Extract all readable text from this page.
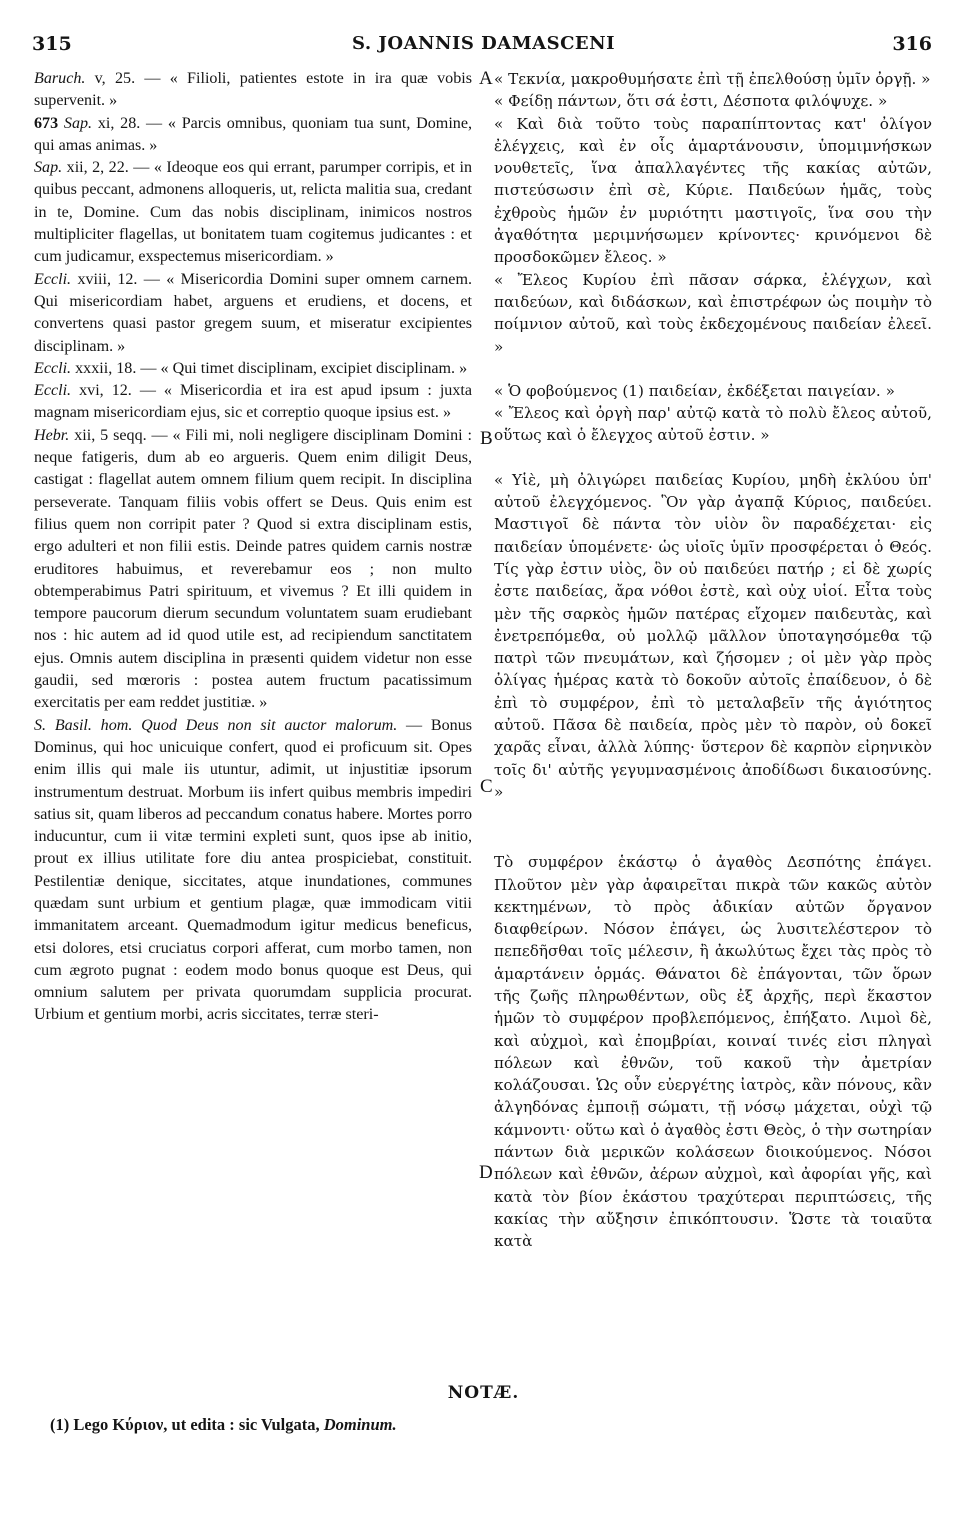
315	S. JOANNIS DAMASCENI	316

Baruch. v, 25. — « Filioli, patientes estote in ira quæ vobis supervenit. »

673 Sap. xi, 28. — « Parcis omnibus, quoniam tua sunt, Domine, qui amas animas. »

Sap. xii, 2, 22. — « Ideoque eos qui errant, parumper corripis, et in quibus peccant, admonens alloqueris, ut, relicta malitia sua, credant in te, Domine. Cum das nobis disciplinam, inimicos nostros multipliciter flagellas, ut bonitatem tuam cogitemus judicantes : et cum judicamur, exspectemus misericordiam. »

Eccli. xviii, 12. — « Misericordia Domini super omnem carnem. Qui misericordiam habet, arguens et erudiens, et docens, et convertens quasi pastor gregem suum, et miseratur excipientes disciplinam. »

Eccli. xxxii, 18. — « Qui timet disciplinam, excipiet disciplinam. »

Eccli. xvi, 12. — « Misericordia et ira est apud ipsum : juxta magnam misericordiam ejus, sic et correptio quoque ipsius est. »

Hebr. xii, 5 seqq. — « Fili mi, noli negligere disciplinam Domini : neque fatigeris, dum ab eo argueris. Quem enim diligit Deus, castigat : flagellat autem omnem filium quem recipit. In disciplina perseverate. Tanquam filiis vobis offert se Deus. Quis enim est filius quem non corripit pater ? Quod si extra disciplinam estis, ergo adulteri et non filii estis. Deinde patres quidem carnis nostræ eruditores habuimus, et reverebamur eos ; non multo obtemperabimus Patri spirituum, et vivemus ? Et illi quidem in tempore paucorum dierum secundum voluntatem suam erudiebant nos : hic autem ad id quod utile est, ad recipiendum sanctitatem ejus. Omnis autem disciplina in præsenti quidem videtur non esse gaudii, sed mœroris : postea autem fructum pacatissimum exercitatis per eam reddet justitiæ. »

S. Basil. hom. Quod Deus non sit auctor malorum. — Bonus Dominus, qui hoc unicuique confert, quod ei proficuum sit. Opes enim illis qui male iis utuntur, adimit, ut injustitiæ ipsorum instrumentum destruat. Morbum iis infert quibus membris impediri satius sit, quam liberos ad peccandum conatus habere. Mortes porro inducuntur, cum ii vitæ termini expleti sunt, quos ipse ab initio, prout ex illius utilitate fore diu antea prospiciebat, constituit. Pestilentiæ denique, siccitates, atque inundationes, communes quædam sunt urbium et gentium plagæ, quæ immodicam vitii immanitatem arceant. Quemadmodum igitur medicus beneficus, etsi dolores, etsi cruciatus corpori afferat, cum morbo tamen, non cum ægroto pugnat : eodem modo bonus quoque est Deus, qui omnium salutem per privata quorumdam supplicia procurat. Urbium et gentium morbi, acris siccitates, terræ steri-

« Τεκνία, μακροθυμήσατε ἐπὶ τῇ ἐπελθούσῃ ὑμῖν ὀργῇ. »

« Φείδῃ πάντων, ὅτι σά ἐστι, Δέσποτα φιλόψυχε. »

« Καὶ διὰ τοῦτο τοὺς παραπίπτοντας κατ' ὀλίγον ἐλέγχεις, καὶ ἐν οἷς ἁμαρτάνουσιν, ὑπομιμνήσκων νουθετεῖς, ἵνα ἀπαλλαγέντες τῆς κακίας αὐτῶν, πιστεύσωσιν ἐπὶ σὲ, Κύριε. Παιδεύων ἡμᾶς, τοὺς ἐχθροὺς ἡμῶν ἐν μυριότητι μαστιγοῖς, ἵνα σου τὴν ἀγαθότητα μεριμνήσωμεν κρίνοντες· κρινόμενοι δὲ προσδοκῶμεν ἔλεος. »

« Ἔλεος Κυρίου ἐπὶ πᾶσαν σάρκα, ἐλέγχων, καὶ παιδεύων, καὶ διδάσκων, καὶ ἐπιστρέφων ὡς ποιμὴν τὸ ποίμνιον αὐτοῦ, καὶ τοὺς ἐκδεχομένους παιδείαν ἐλεεῖ. »

« Ὁ φοβούμενος (1) παιδείαν, ἐκδέξεται παιγείαν. »

« Ἔλεος καὶ ὀργὴ παρ' αὐτῷ κατὰ τὸ πολὺ ἔλεος αὐτοῦ, οὕτως καὶ ὁ ἔλεγχος αὐτοῦ ἐστιν. »

« Υἱὲ, μὴ ὀλιγώρει παιδείας Κυρίου, μηδὴ ἐκλύου ὑπ' αὐτοῦ ἐλεγχόμενος. Ὃν γὰρ ἀγαπᾷ Κύριος, παιδεύει. Μαστιγοῖ δὲ πάντα τὸν υἱὸν ὃν παραδέχεται· εἰς παιδείαν ὑπομένετε· ὡς υἱοῖς ὑμῖν προσφέρεται ὁ Θεός. Τίς γὰρ ἐστιν υἱὸς, ὃν οὐ παιδεύει πατήρ ; εἰ δὲ χωρίς ἐστε παιδείας, ἄρα νόθοι ἐστὲ, καὶ οὐχ υἱοί. Εἶτα τοὺς μὲν τῆς σαρκὸς ἡμῶν πατέρας εἴχομεν παιδευτὰς, καὶ ἐνετρεπόμεθα, οὐ μολλῷ μᾶλλον ὑποταγησόμεθα τῷ πατρὶ τῶν πνευμάτων, καὶ ζήσομεν ; οἱ μὲν γὰρ πρὸς ὀλίγας ἡμέρας κατὰ τὸ δοκοῦν αὐτοῖς ἐπαίδευον, ὁ δὲ ἐπὶ τὸ συμφέρον, ἐπὶ τὸ μεταλαβεῖν τῆς ἁγιότητος αὐτοῦ. Πᾶσα δὲ παιδεία, πρὸς μὲν τὸ παρὸν, οὐ δοκεῖ χαρᾶς εἶναι, ἀλλὰ λύπης· ὕστερον δὲ καρπὸν εἰρηνικὸν τοῖς δι' αὐτῆς γεγυμνασμένοις ἀποδίδωσι δικαιοσύνης. »

Τὸ συμφέρον ἑκάστῳ ὁ ἀγαθὸς Δεσπότης ἐπάγει. Πλοῦτον μὲν γὰρ ἀφαιρεῖται πικρὰ τῶν κακῶς αὐτὸν κεκτημένων, τὸ πρὸς ἀδικίαν αὐτῶν ὄργανον διαφθείρων. Νόσον ἐπάγει, ὡς λυσιτελέστερον τὸ πεπεδῆσθαι τοῖς μέλεσιν, ἢ ἀκωλύτως ἔχει τὰς πρὸς τὸ ἁμαρτάνειν ὁρμάς. Θάνατοι δὲ ἐπάγονται, τῶν ὅρων τῆς ζωῆς πληρωθέντων, οὓς ἐξ ἀρχῆς, περὶ ἕκαστον ἡμῶν τὸ συμφέρον προβλεπόμενος, ἐπήξατο. Λιμοὶ δὲ, καὶ αὐχμοὶ, καὶ ἐπομβρίαι, κοιναί τινές εἰσι πληγαὶ πόλεων καὶ ἐθνῶν, τοῦ κακοῦ τὴν ἀμετρίαν κολάζουσαι. Ὡς οὖν εὐεργέτης ἰατρὸς, κἂν πόνους, κἂν ἀλγηδόνας ἐμποιῇ σώματι, τῇ νόσῳ μάχεται, οὐχὶ τῷ κάμνοντι· οὕτω καὶ ὁ ἀγαθὸς ἐστι Θεὸς, ὁ τὴν σωτηρίαν πάντων διὰ μερικῶν κολάσεων διοικούμενος. Νόσοι πόλεων καὶ ἐθνῶν, ἀέρων αὐχμοὶ, καὶ ἀφορίαι γῆς, καὶ κατὰ τὸν βίον ἑκάστου τραχύτεραι περιπτώσεις, τῆς κακίας τὴν αὔξησιν ἐπικόπτουσιν. Ὥστε τὰ τοιαῦτα κατὰ

A
B
C
D
NOTÆ.
(1) Lego Κύριον, ut edita : sic Vulgata, Dominum.
